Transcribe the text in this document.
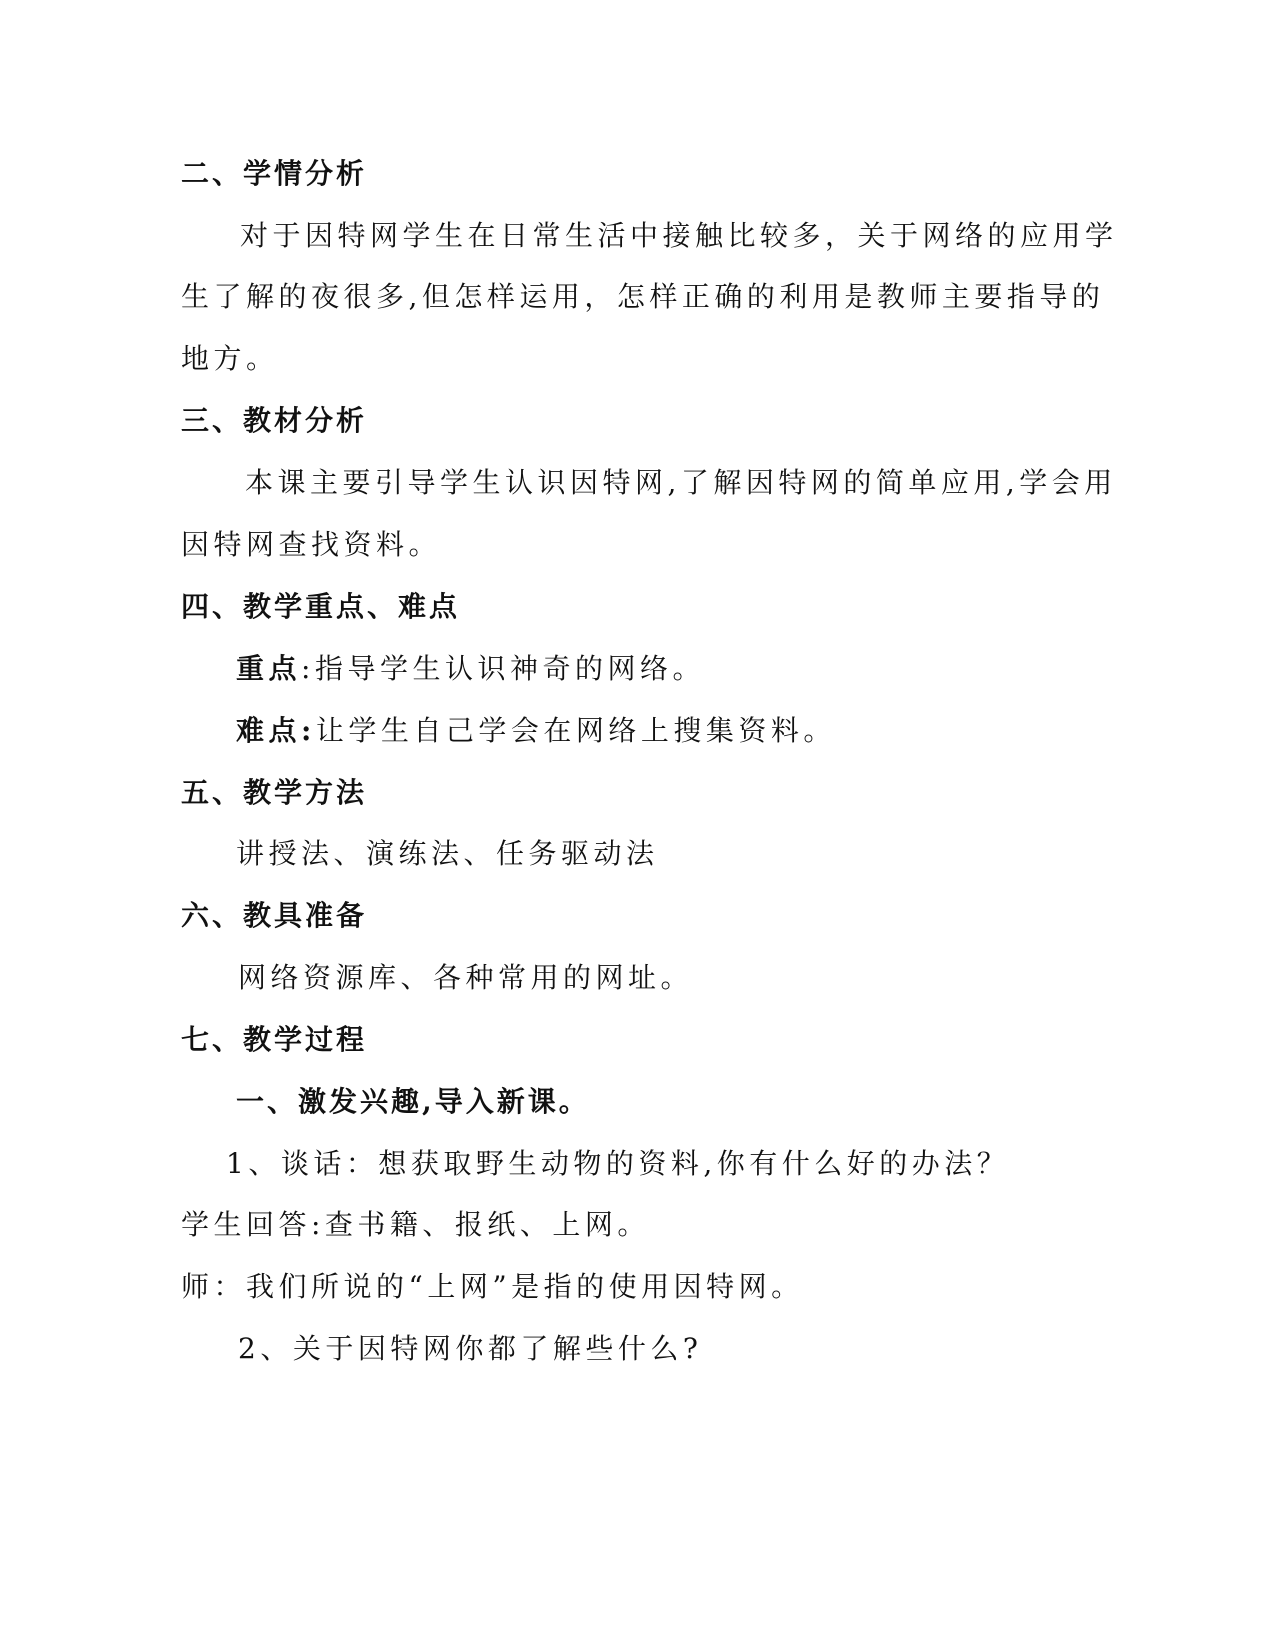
二、学情分析
对于因特网学生在日常生活中接触比较多，关于网络的应用学
生了解的夜很多,但怎样运用，怎样正确的利用是教师主要指导的
地方。
三、教材分析
本课主要引导学生认识因特网,了解因特网的简单应用,学会用
因特网查找资料。
四、教学重点、难点
重点:指导学生认识神奇的网络。
难点:让学生自己学会在网络上搜集资料。
五、教学方法
讲授法、演练法、任务驱动法
六、教具准备
网络资源库、各种常用的网址。
七、教学过程
一、激发兴趣,导入新课。
1、谈话：想获取野生动物的资料,你有什么好的办法？
学生回答:查书籍、报纸、上网。
师：我们所说的“上网”是指的使用因特网。
2、关于因特网你都了解些什么?
